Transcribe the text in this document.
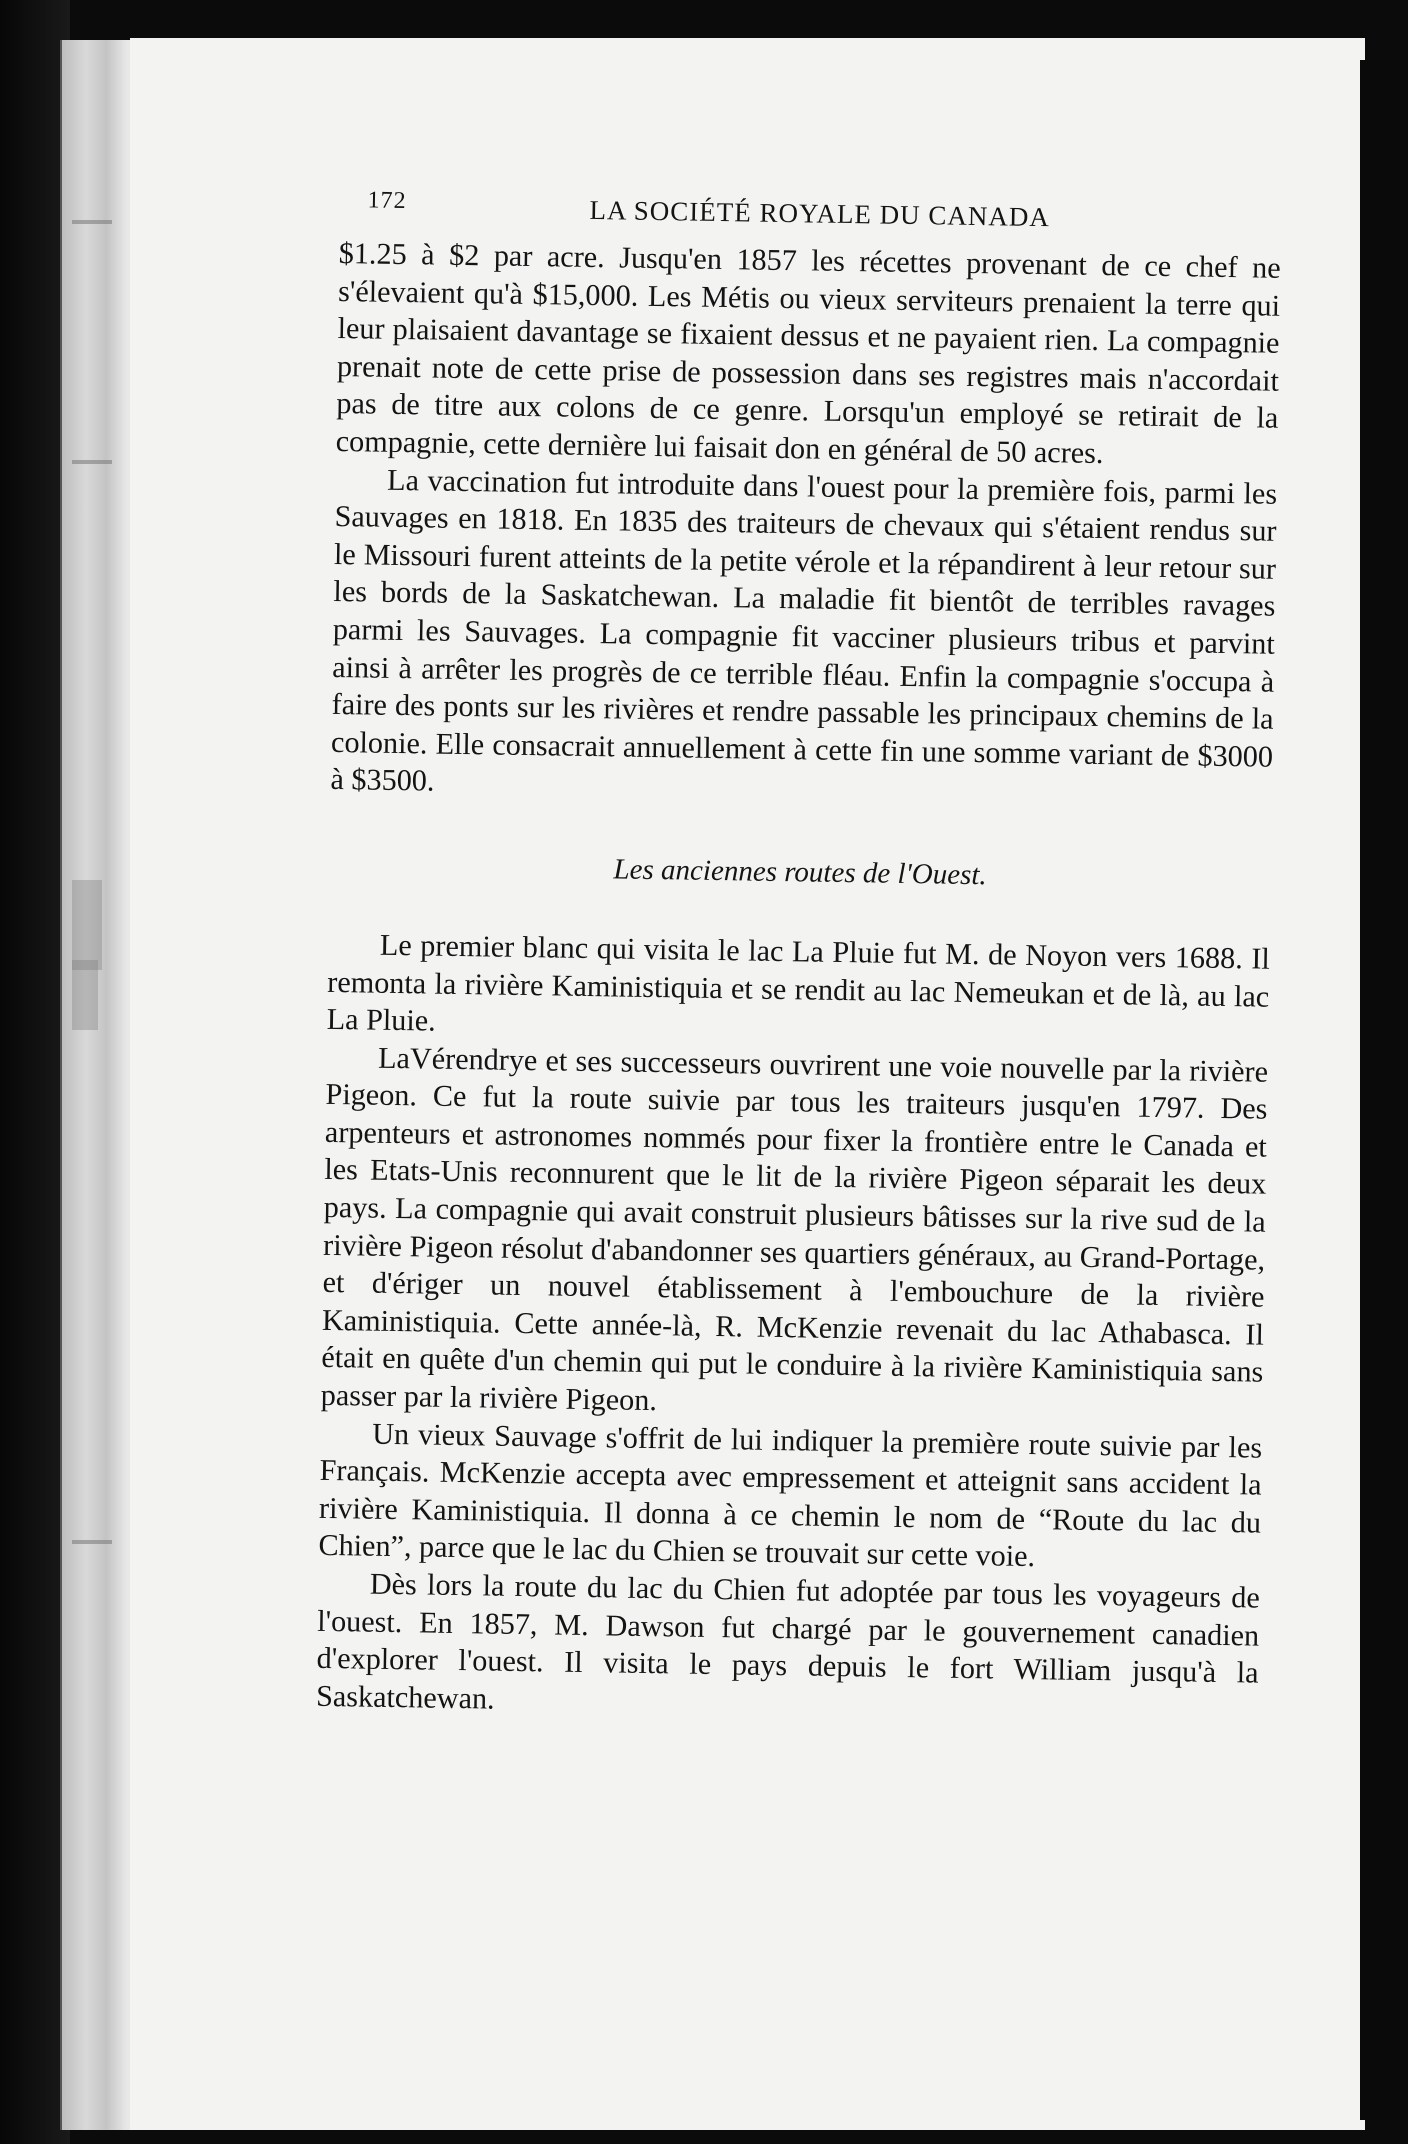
172	LA SOCIÉTÉ ROYALE DU CANADA

$1.25 à $2 par acre. Jusqu'en 1857 les récettes provenant de ce chef ne s'élevaient qu'à $15,000. Les Métis ou vieux serviteurs prenaient la terre qui leur plaisaient davantage se fixaient dessus et ne payaient rien. La compagnie prenait note de cette prise de possession dans ses registres mais n'accordait pas de titre aux colons de ce genre. Lorsqu'un employé se retirait de la compagnie, cette dernière lui faisait don en général de 50 acres.

La vaccination fut introduite dans l'ouest pour la première fois, parmi les Sauvages en 1818. En 1835 des traiteurs de chevaux qui s'étaient rendus sur le Missouri furent atteints de la petite vérole et la répandirent à leur retour sur les bords de la Saskatchewan. La maladie fit bientôt de terribles ravages parmi les Sauvages. La compagnie fit vacciner plusieurs tribus et parvint ainsi à arrêter les progrès de ce terrible fléau. Enfin la compagnie s'occupa à faire des ponts sur les rivières et rendre passable les principaux chemins de la colonie. Elle consacrait annuellement à cette fin une somme variant de $3000 à $3500.

Les anciennes routes de l'Ouest.

Le premier blanc qui visita le lac La Pluie fut M. de Noyon vers 1688. Il remonta la rivière Kaministiquia et se rendit au lac Nemeukan et de là, au lac La Pluie.

LaVérendrye et ses successeurs ouvrirent une voie nouvelle par la rivière Pigeon. Ce fut la route suivie par tous les traiteurs jusqu'en 1797. Des arpenteurs et astronomes nommés pour fixer la frontière entre le Canada et les Etats-Unis reconnurent que le lit de la rivière Pigeon séparait les deux pays. La compagnie qui avait construit plusieurs bâtisses sur la rive sud de la rivière Pigeon résolut d'abandonner ses quartiers généraux, au Grand-Portage, et d'ériger un nouvel établissement à l'embouchure de la rivière Kaministiquia. Cette année-là, R. McKenzie revenait du lac Athabasca. Il était en quête d'un chemin qui put le conduire à la rivière Kaministiquia sans passer par la rivière Pigeon.

Un vieux Sauvage s'offrit de lui indiquer la première route suivie par les Français. McKenzie accepta avec empressement et atteignit sans accident la rivière Kaministiquia. Il donna à ce chemin le nom de “Route du lac du Chien”, parce que le lac du Chien se trouvait sur cette voie.

Dès lors la route du lac du Chien fut adoptée par tous les voyageurs de l'ouest. En 1857, M. Dawson fut chargé par le gouvernement canadien d'explorer l'ouest. Il visita le pays depuis le fort William jusqu'à la Saskatchewan.
